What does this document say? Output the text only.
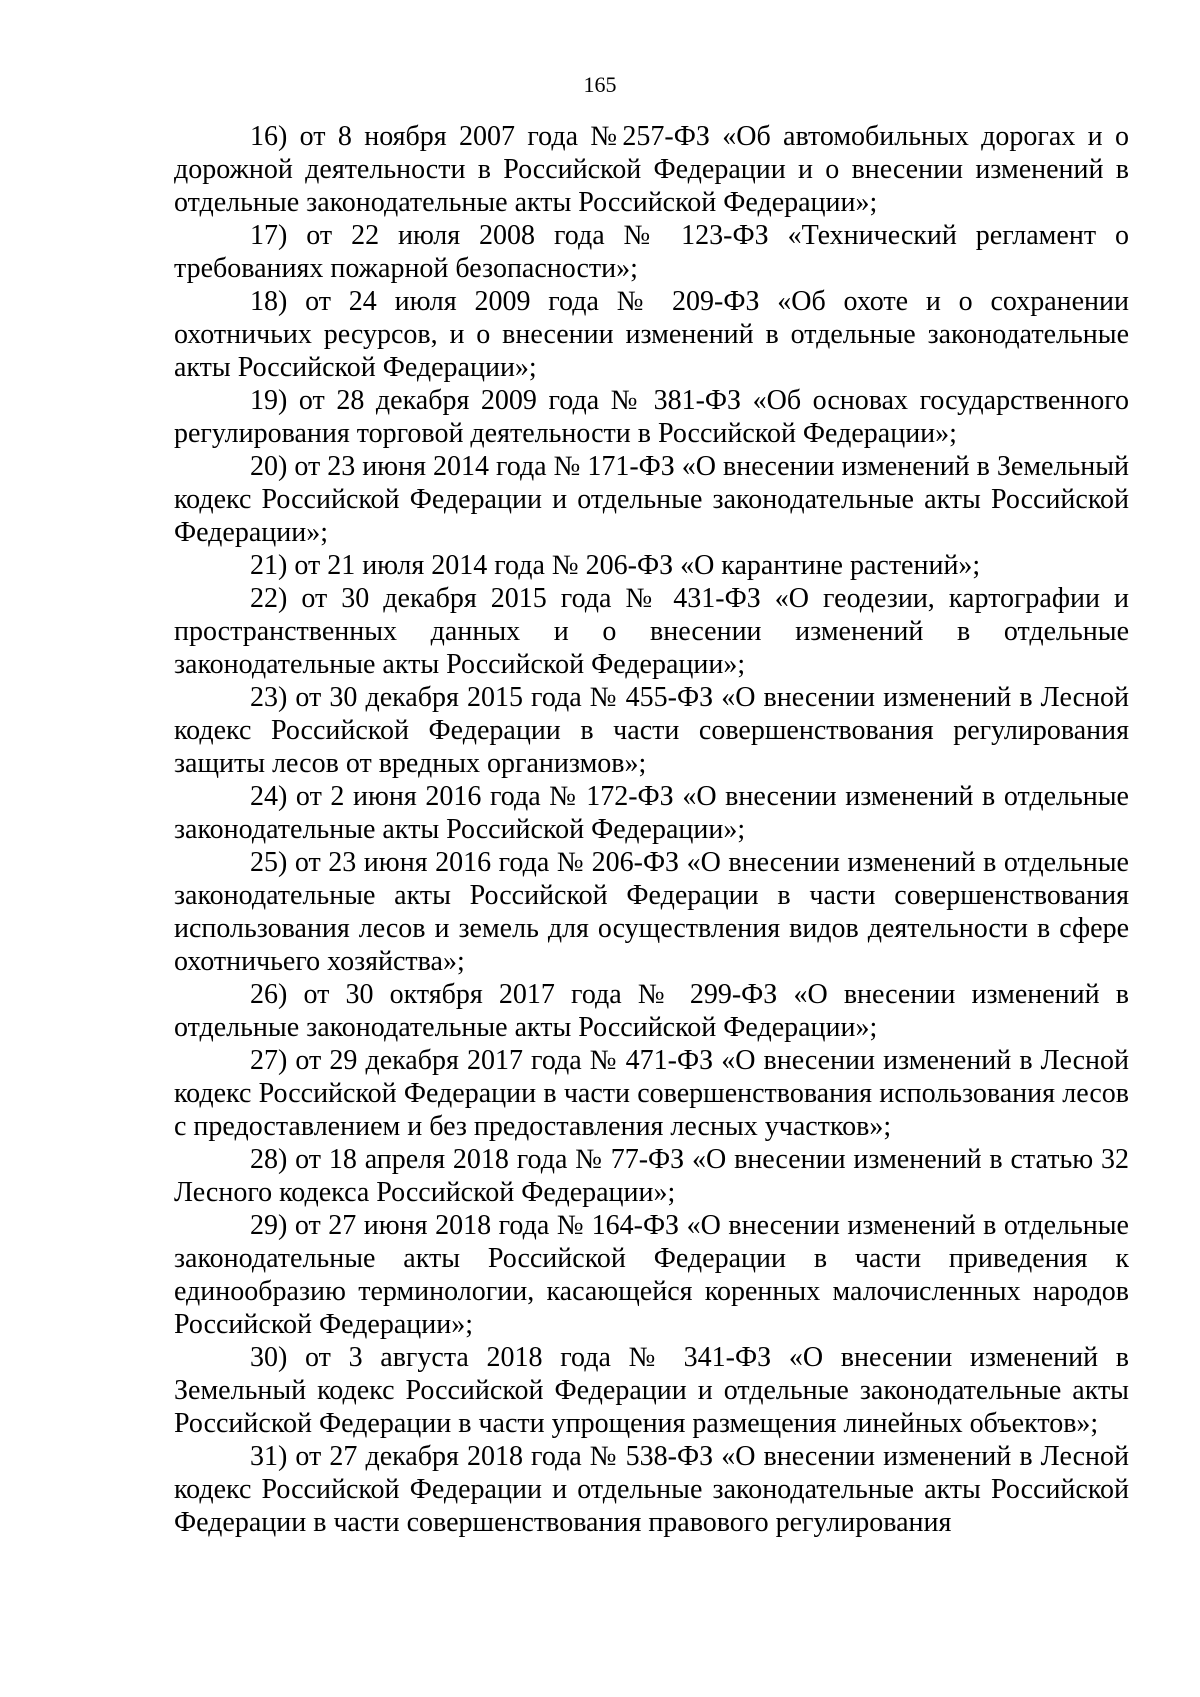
165

16) от 8 ноября 2007 года №257-ФЗ «Об автомобильных дорогах и о дорожной деятельности в Российской Федерации и о внесении изменений в отдельные законодательные акты Российской Федерации»;

17) от 22 июля 2008 года № 123-ФЗ «Технический регламент о требованиях пожарной безопасности»;

18) от 24 июля 2009 года № 209-ФЗ «Об охоте и о сохранении охотничьих ресурсов, и о внесении изменений в отдельные законодательные акты Российской Федерации»;

19) от 28 декабря 2009 года № 381-ФЗ «Об основах государственного регулирования торговой деятельности в Российской Федерации»;

20) от 23 июня 2014 года № 171-ФЗ «О внесении изменений в Земельный кодекс Российской Федерации и отдельные законодательные акты Российской Федерации»;

21) от 21 июля 2014 года № 206-ФЗ «О карантине растений»;

22) от 30 декабря 2015 года № 431-ФЗ «О геодезии, картографии и пространственных данных и о внесении изменений в отдельные законодательные акты Российской Федерации»;

23) от 30 декабря 2015 года № 455-ФЗ «О внесении изменений в Лесной кодекс Российской Федерации в части совершенствования регулирования защиты лесов от вредных организмов»;

24) от 2 июня 2016 года № 172-ФЗ «О внесении изменений в отдельные законодательные акты Российской Федерации»;

25) от 23 июня 2016 года № 206-ФЗ «О внесении изменений в отдельные законодательные акты Российской Федерации в части совершенствования использования лесов и земель для осуществления видов деятельности в сфере охотничьего хозяйства»;

26) от 30 октября 2017 года № 299-ФЗ «О внесении изменений в отдельные законодательные акты Российской Федерации»;

27) от 29 декабря 2017 года № 471-ФЗ «О внесении изменений в Лесной кодекс Российской Федерации в части совершенствования использования лесов с предоставлением и без предоставления лесных участков»;

28) от 18 апреля 2018 года № 77-ФЗ «О внесении изменений в статью 32 Лесного кодекса Российской Федерации»;

29) от 27 июня 2018 года № 164-ФЗ «О внесении изменений в отдельные законодательные акты Российской Федерации в части приведения к единообразию терминологии, касающейся коренных малочисленных народов Российской Федерации»;

30) от 3 августа 2018 года № 341-ФЗ «О внесении изменений в Земельный кодекс Российской Федерации и отдельные законодательные акты Российской Федерации в части упрощения размещения линейных объектов»;

31) от 27 декабря 2018 года № 538-ФЗ «О внесении изменений в Лесной кодекс Российской Федерации и отдельные законодательные акты Российской Федерации в части совершенствования правового регулирования
